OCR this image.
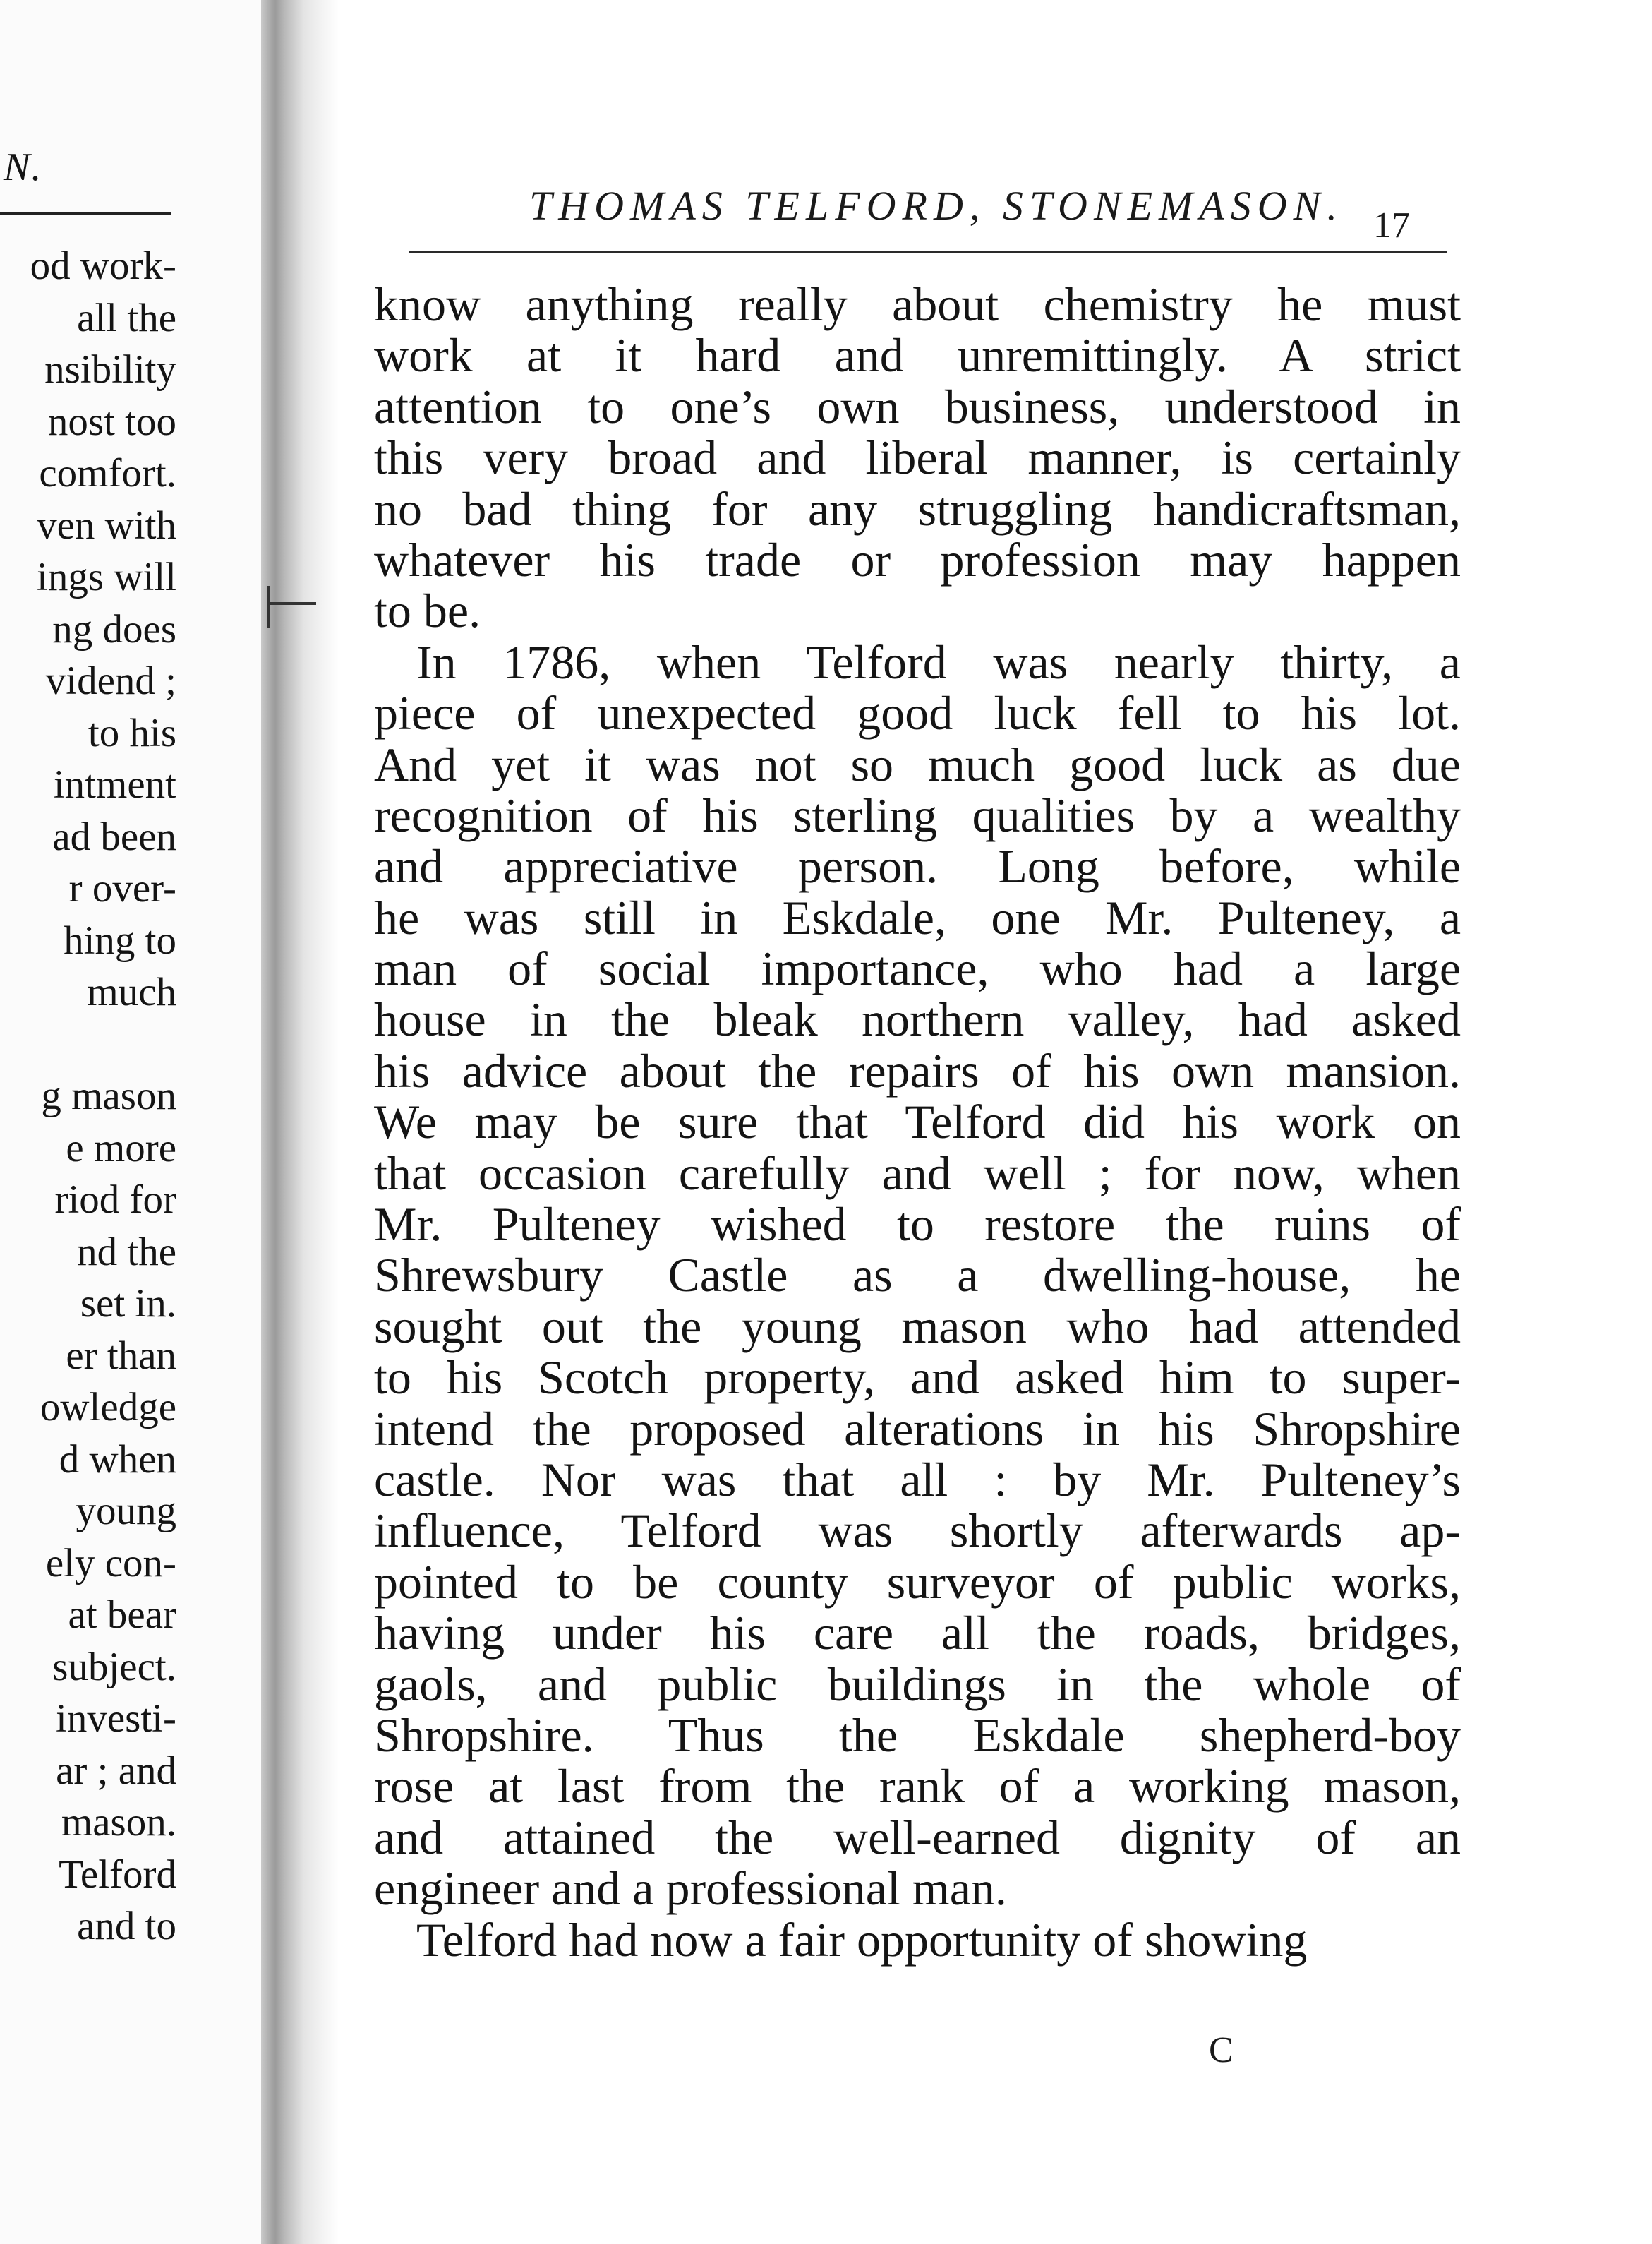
N.
od work-
all the
nsibility
nost too
comfort.
ven with
ings will
ng does
vidend ;
to his
intment
ad been
r over-
hing to
much
g mason
e more
riod for
nd the
set in.
er than
owledge
d when
young
ely con-
at bear
subject.
investi-
ar ; and
mason.
Telford
and to
THOMAS TELFORD, STONEMASON. 17
know anything really about chemistry he must
work at it hard and unremittingly. A strict
attention to one’s own business, understood in
this very broad and liberal manner, is certainly
no bad thing for any struggling handicraftsman,
whatever his trade or profession may happen
to be.
In 1786, when Telford was nearly thirty, a
piece of unexpected good luck fell to his lot.
And yet it was not so much good luck as due
recognition of his sterling qualities by a wealthy
and appreciative person. Long before, while
he was still in Eskdale, one Mr. Pulteney, a
man of social importance, who had a large
house in the bleak northern valley, had asked
his advice about the repairs of his own mansion.
We may be sure that Telford did his work on
that occasion carefully and well ; for now, when
Mr. Pulteney wished to restore the ruins of
Shrewsbury Castle as a dwelling-house, he
sought out the young mason who had attended
to his Scotch property, and asked him to super-
intend the proposed alterations in his Shropshire
castle. Nor was that all : by Mr. Pulteney’s
influence, Telford was shortly afterwards ap-
pointed to be county surveyor of public works,
having under his care all the roads, bridges,
gaols, and public buildings in the whole of
Shropshire. Thus the Eskdale shepherd-boy
rose at last from the rank of a working mason,
and attained the well-earned dignity of an
engineer and a professional man.
Telford had now a fair opportunity of showing
C
